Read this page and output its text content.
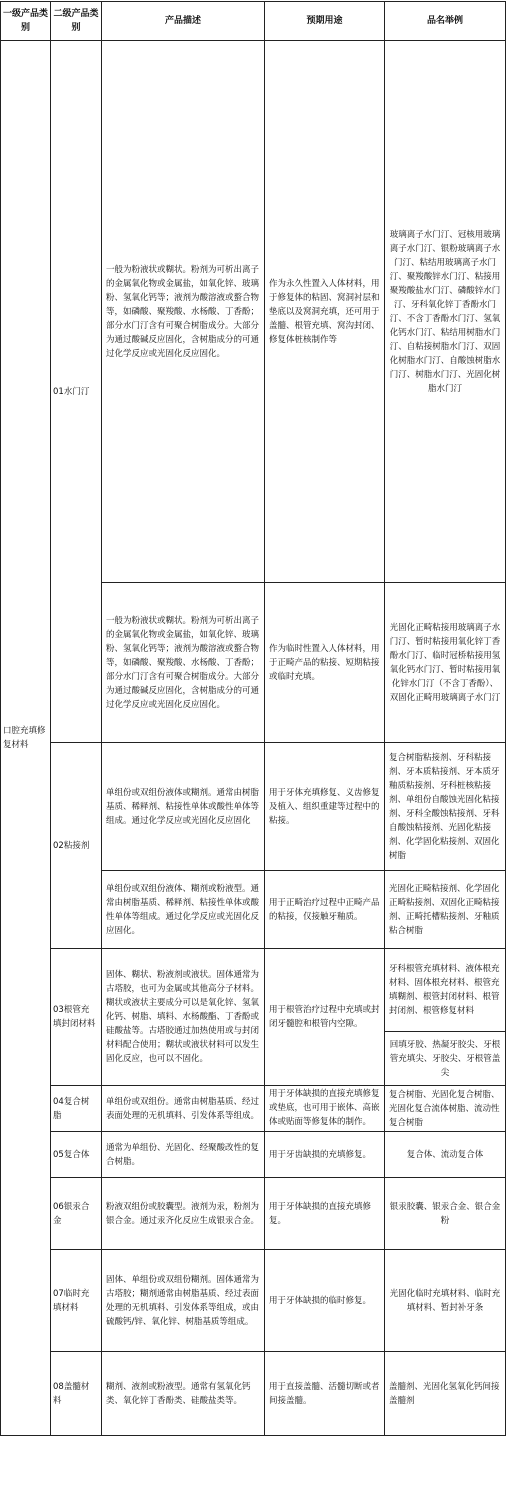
一级产品类别	二级产品类别	产品描述	预期用途	品名举例
口腔充填修复材料	01水门汀	一般为粉液状或糊状。粉剂为可析出离子的金属氧化物或金属盐，如氧化锌、玻璃粉、氢氧化钙等；液剂为酸溶液或螯合物等，如磷酸、聚羧酸、水杨酸、丁香酚；部分水门汀含有可聚合树脂成分。大部分为通过酸碱反应固化，含树脂成分的可通过化学反应或光固化反应固化。	作为永久性置入人体材料，用于修复体的粘固、窝洞衬层和垫底以及窝洞充填，还可用于盖髓、根管充填、窝沟封闭、修复体桩核制作等	玻璃离子水门汀、冠核用玻璃离子水门汀、银粉玻璃离子水门汀、粘结用玻璃离子水门汀、聚羧酸锌水门汀、粘接用聚羧酸盐水门汀、磷酸锌水门汀、牙科氧化锌丁香酚水门汀、不含丁香酚水门汀、氢氧化钙水门汀、粘结用树脂水门汀、自粘接树脂水门汀、双固化树脂水门汀、自酸蚀树脂水门汀、树脂水门汀、光固化树脂水门汀
		一般为粉液状或糊状。粉剂为可析出离子的金属氧化物或金属盐，如氧化锌、玻璃粉、氢氧化钙等；液剂为酸溶液或螯合物等，如磷酸、聚羧酸、水杨酸、丁香酚；部分水门汀含有可聚合树脂成分。大部分为通过酸碱反应固化，含树脂成分的可通过化学反应或光固化反应固化。	作为临时性置入人体材料，用于正畸产品的粘接、短期粘接或临时充填。	光固化正畸粘接用玻璃离子水门汀、暂时粘接用氧化锌丁香酚水门汀、临时冠桥粘接用氢氧化钙水门汀、暂时粘接用氧化锌水门汀（不含丁香酚）、双固化正畸用玻璃离子水门汀
	02粘接剂	单组份或双组份液体或糊剂。通常由树脂基质、稀释剂、粘接性单体或酸性单体等组成。通过化学反应或光固化反应固化	用于牙体充填修复、义齿修复及植入、组织重建等过程中的粘接。	复合树脂粘接剂、牙科粘接剂、牙本质粘接剂、牙本质牙釉质粘接剂、牙科桩核粘接剂、单组份自酸蚀光固化粘接剂、牙科全酸蚀粘接剂、牙科自酸蚀粘接剂、光固化粘接剂、化学固化粘接剂、双固化树脂

		单组份或双组份液体、糊剂或粉液型。通常由树脂基质、稀释剂、粘接性单体或酸性单体等组成。通过化学反应或光固化反应固化。	用于正畸治疗过程中正畸产品的粘接，仅接触牙釉质。	光固化正畸粘接剂、化学固化正畸粘接剂、双固化正畸粘接剂、正畸托槽粘接剂、牙釉质粘合树脂
	03根管充填封闭材料	固体、糊状、粉液剂或液状。固体通常为古塔胶，也可为金属或其他高分子材料。糊状或液状主要成分可以是氧化锌、氢氧化钙、树脂、填料、水杨酸酯、丁香酚或硅酸盐等。古塔胶通过加热使用或与封闭材料配合使用；糊状或液状材料可以发生固化反应，也可以不固化。	用于根管治疗过程中充填或封闭牙髓腔和根管内空隙。	牙科根管充填材料、液体根充材料、固体根充材料、根管充填糊剂、根管封闭材料、根管封闭剂、根管修复材料
				回填牙胶、热凝牙胶尖、牙根管充填尖、牙胶尖、牙根管盖尖
	04复合树脂	单组份或双组份。通常由树脂基质、经过表面处理的无机填料、引发体系等组成。	用于牙体缺损的直接充填修复或垫底，也可用于嵌体、高嵌体或贴面等修复体的制作。	复合树脂、光固化复合树脂、光固化复合流体树脂、流动性复合树脂
	05复合体	通常为单组份、光固化、经聚酸改性的复合树脂。	用于牙齿缺损的充填修复。	复合体、流动复合体
	06银汞合金	粉液双组份或胶囊型。液剂为汞，粉剂为银合金。通过汞齐化反应生成银汞合金。	用于牙体缺损的直接充填修复。	银汞胶囊、银汞合金、银合金粉
	07临时充填材料	固体、单组份或双组份糊剂。固体通常为古塔胶；糊剂通常由树脂基质、经过表面处理的无机填料、引发体系等组成，或由硫酸钙/锌、氧化锌、树脂基质等组成。	用于牙体缺损的临时修复。	光固化临时充填材料、临时充填材料、暂封补牙条
	08盖髓材料	糊剂、液剂或粉液型。通常有氢氧化钙类、氧化锌丁香酚类、硅酸盐类等。	用于直接盖髓、活髓切断或者间接盖髓。	盖髓剂、光固化氢氧化钙间接盖髓剂
